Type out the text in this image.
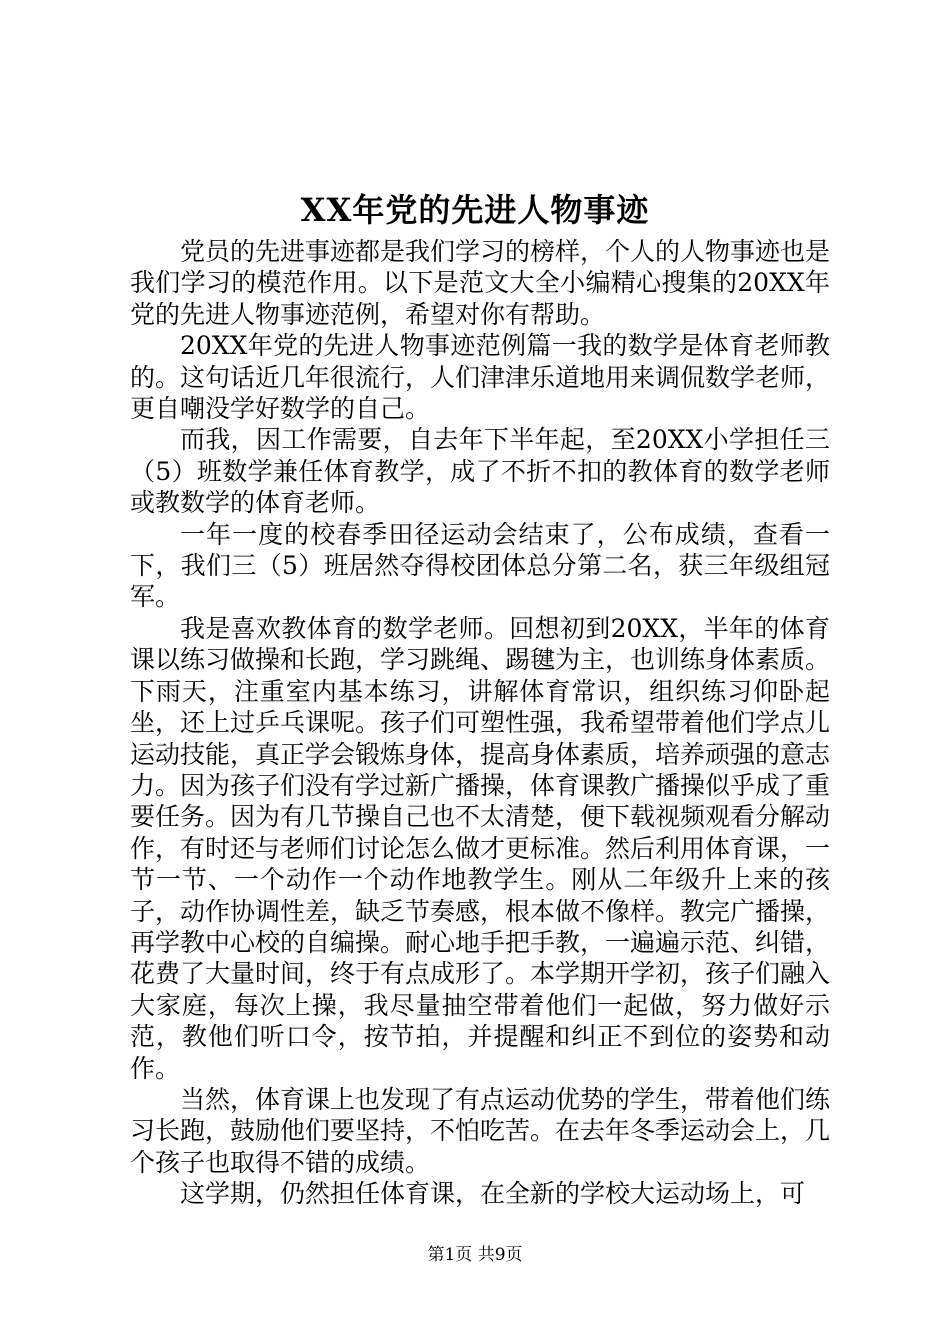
XX年党的先进人物事迹

党员的先进事迹都是我们学习的榜样，个人的人物事迹也是我们学习的模范作用。以下是范文大全小编精心搜集的20XX年党的先进人物事迹范例，希望对你有帮助。

20XX年党的先进人物事迹范例篇一我的数学是体育老师教的。这句话近几年很流行，人们津津乐道地用来调侃数学老师，更自嘲没学好数学的自己。

而我，因工作需要，自去年下半年起，至20XX小学担任三（5）班数学兼任体育教学，成了不折不扣的教体育的数学老师或教数学的体育老师。

一年一度的校春季田径运动会结束了，公布成绩，查看一下，我们三（5）班居然夺得校团体总分第二名，获三年级组冠军。

我是喜欢教体育的数学老师。回想初到20XX，半年的体育课以练习做操和长跑，学习跳绳、踢毽为主，也训练身体素质。下雨天，注重室内基本练习，讲解体育常识，组织练习仰卧起坐，还上过乒乓课呢。孩子们可塑性强，我希望带着他们学点儿运动技能，真正学会锻炼身体，提高身体素质，培养顽强的意志力。因为孩子们没有学过新广播操，体育课教广播操似乎成了重要任务。因为有几节操自己也不太清楚，便下载视频观看分解动作，有时还与老师们讨论怎么做才更标准。然后利用体育课，一节一节、一个动作一个动作地教学生。刚从二年级升上来的孩子，动作协调性差，缺乏节奏感，根本做不像样。教完广播操，再学教中心校的自编操。耐心地手把手教，一遍遍示范、纠错，花费了大量时间，终于有点成形了。本学期开学初，孩子们融入大家庭，每次上操，我尽量抽空带着他们一起做，努力做好示范，教他们听口令，按节拍，并提醒和纠正不到位的姿势和动作。

当然，体育课上也发现了有点运动优势的学生，带着他们练习长跑，鼓励他们要坚持，不怕吃苦。在去年冬季运动会上，几个孩子也取得不错的成绩。

这学期，仍然担任体育课，在全新的学校大运动场上，可

第1页 共9页
